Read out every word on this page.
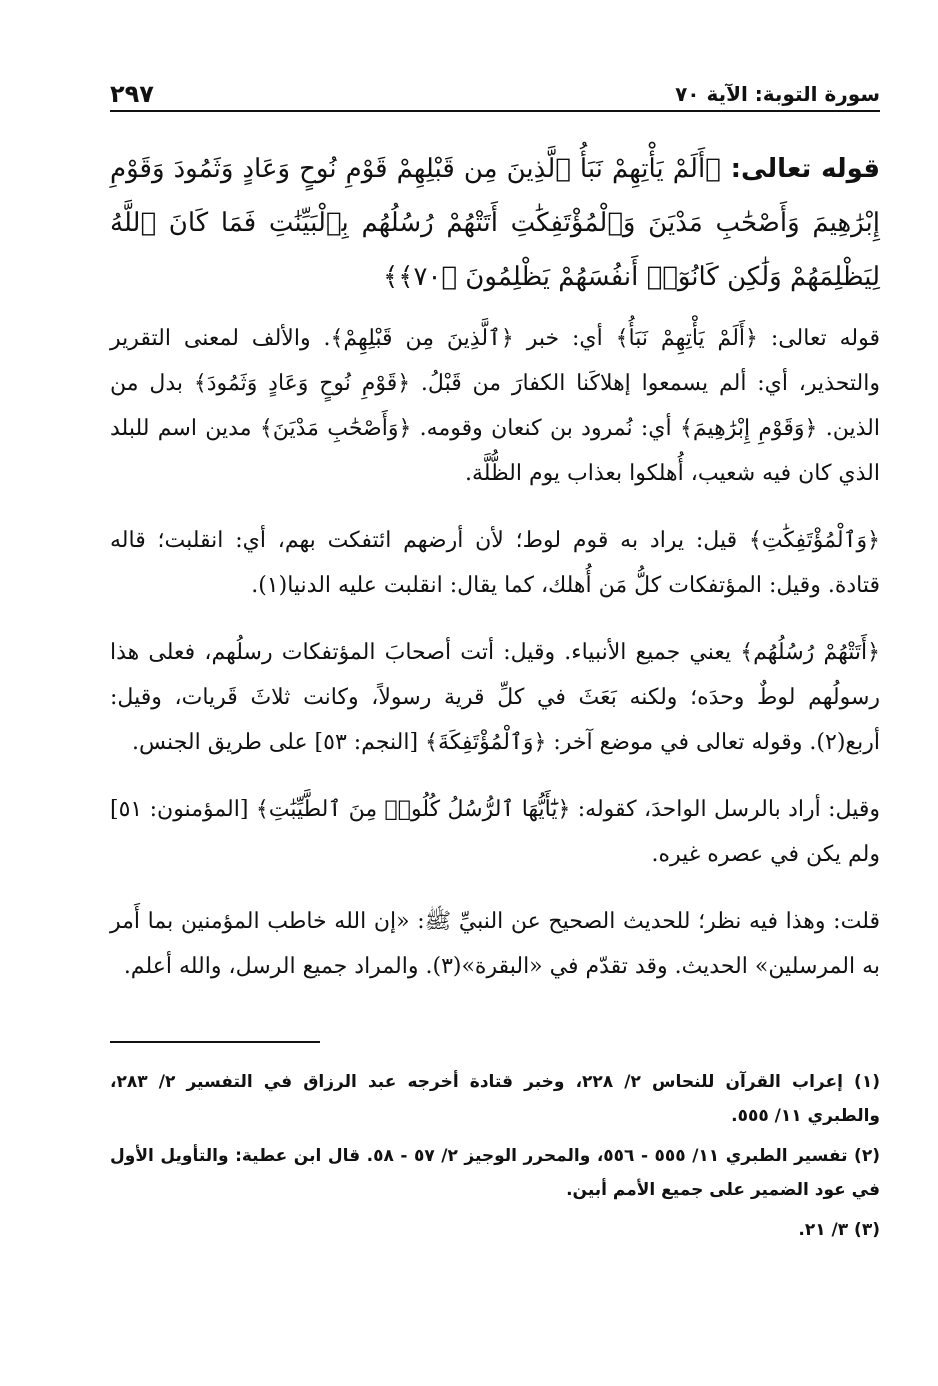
سورة التوبة: الآية ٧٠
٢٩٧
قوله تعالى: ﴿أَلَمْ يَأْتِهِمْ نَبَأُ ٱلَّذِينَ مِن قَبْلِهِمْ قَوْمِ نُوحٍ وَعَادٍ وَثَمُودَ وَقَوْمِ إِبْرَٰهِيمَ وَأَصْحَٰبِ مَدْيَنَ وَٱلْمُؤْتَفِكَٰتِ أَتَتْهُمْ رُسُلُهُم بِٱلْبَيِّنَٰتِ فَمَا كَانَ ٱللَّهُ لِيَظْلِمَهُمْ وَلَٰكِن كَانُوٓا۟ أَنفُسَهُمْ يَظْلِمُونَ ﴿٧٠﴾﴾

قوله تعالى: ﴿أَلَمْ يَأْتِهِمْ نَبَأُ﴾ أي: خبر ﴿ٱلَّذِينَ مِن قَبْلِهِمْ﴾. والألف لمعنى التقرير والتحذير، أي: ألم يسمعوا إهلاكَنا الكفارَ من قَبْلُ. ﴿قَوْمِ نُوحٍ وَعَادٍ وَثَمُودَ﴾ بدل من الذين. ﴿وَقَوْمِ إِبْرَٰهِيمَ﴾ أي: نُمرود بن كنعان وقومه. ﴿وَأَصْحَٰبِ مَدْيَنَ﴾ مدين اسم للبلد الذي كان فيه شعيب، أُهلكوا بعذاب يوم الظُّلَّة.

﴿وَٱلْمُؤْتَفِكَٰتِ﴾ قيل: يراد به قوم لوط؛ لأن أرضهم ائتفكت بهم، أي: انقلبت؛ قاله قتادة. وقيل: المؤتفكات كلُّ مَن أُهلك، كما يقال: انقلبت عليه الدنيا(١).

﴿أَتَتْهُمْ رُسُلُهُم﴾ يعني جميع الأنبياء. وقيل: أتت أصحابَ المؤتفكات رسلُهم، فعلى هذا رسولُهم لوطٌ وحدَه؛ ولكنه بَعَثَ في كلِّ قرية رسولاً، وكانت ثلاثَ قَريات، وقيل: أربع(٢). وقوله تعالى في موضع آخر: ﴿وَٱلْمُؤْتَفِكَةَ﴾ [النجم: ٥٣] على طريق الجنس.

وقيل: أراد بالرسل الواحدَ، كقوله: ﴿يَٰٓأَيُّهَا ٱلرُّسُلُ كُلُوا۟ مِنَ ٱلطَّيِّبَٰتِ﴾ [المؤمنون: ٥١] ولم يكن في عصره غيره.

قلت: وهذا فيه نظر؛ للحديث الصحيح عن النبيِّ ﷺ: «إن الله خاطب المؤمنين بما أَمر به المرسلين» الحديث. وقد تقدّم في «البقرة»(٣). والمراد جميع الرسل، والله أعلم.

(١) إعراب القرآن للنحاس ٢/ ٢٢٨، وخبر قتادة أخرجه عبد الرزاق في التفسير ٢/ ٢٨٣، والطبري ١١/ ٥٥٥.
(٢) تفسير الطبري ١١/ ٥٥٥ - ٥٥٦، والمحرر الوجيز ٢/ ٥٧ - ٥٨. قال ابن عطية: والتأويل الأول في عود الضمير على جميع الأمم أبين.
(٣) ٣/ ٢١.
